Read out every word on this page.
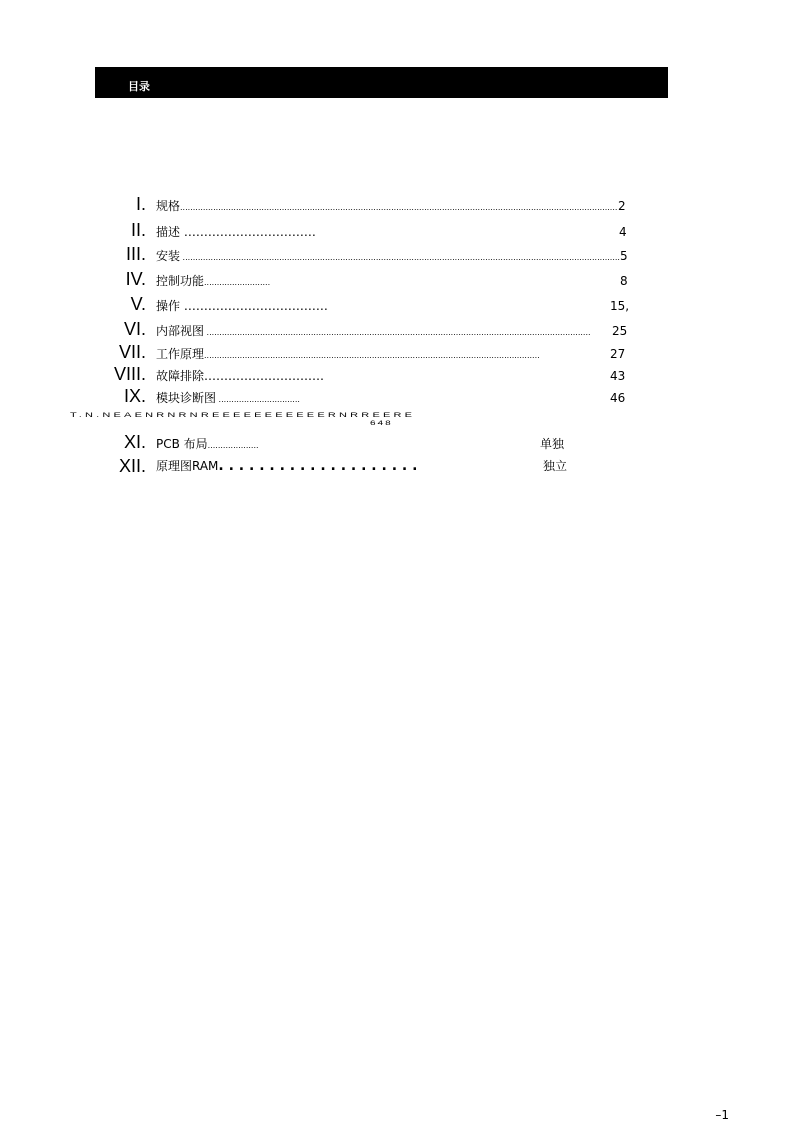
目录
I. 规格............................................................................................................................................................................ 2
II. 描述 ……………………………	4
III. 安装 ............................................................................................................................................................................ 5
IV. 控制功能..........................	8
V. 操作 ………………………………	15,
VI. 内部视图 .......................................................................................................................................................	25
VII. 工作原理....................................................................................................................................	27
VIII. 故障排除…………………………	43
IX. 模块诊断图 ................................	46
T.N.NEAENRNRNREEEEEEEEEEERNRREERE
648
XI. PCB 布局....................	单独
XII. 原理图RAM. . . . . . . . . . . . . . . . . . . .	独立
–1
